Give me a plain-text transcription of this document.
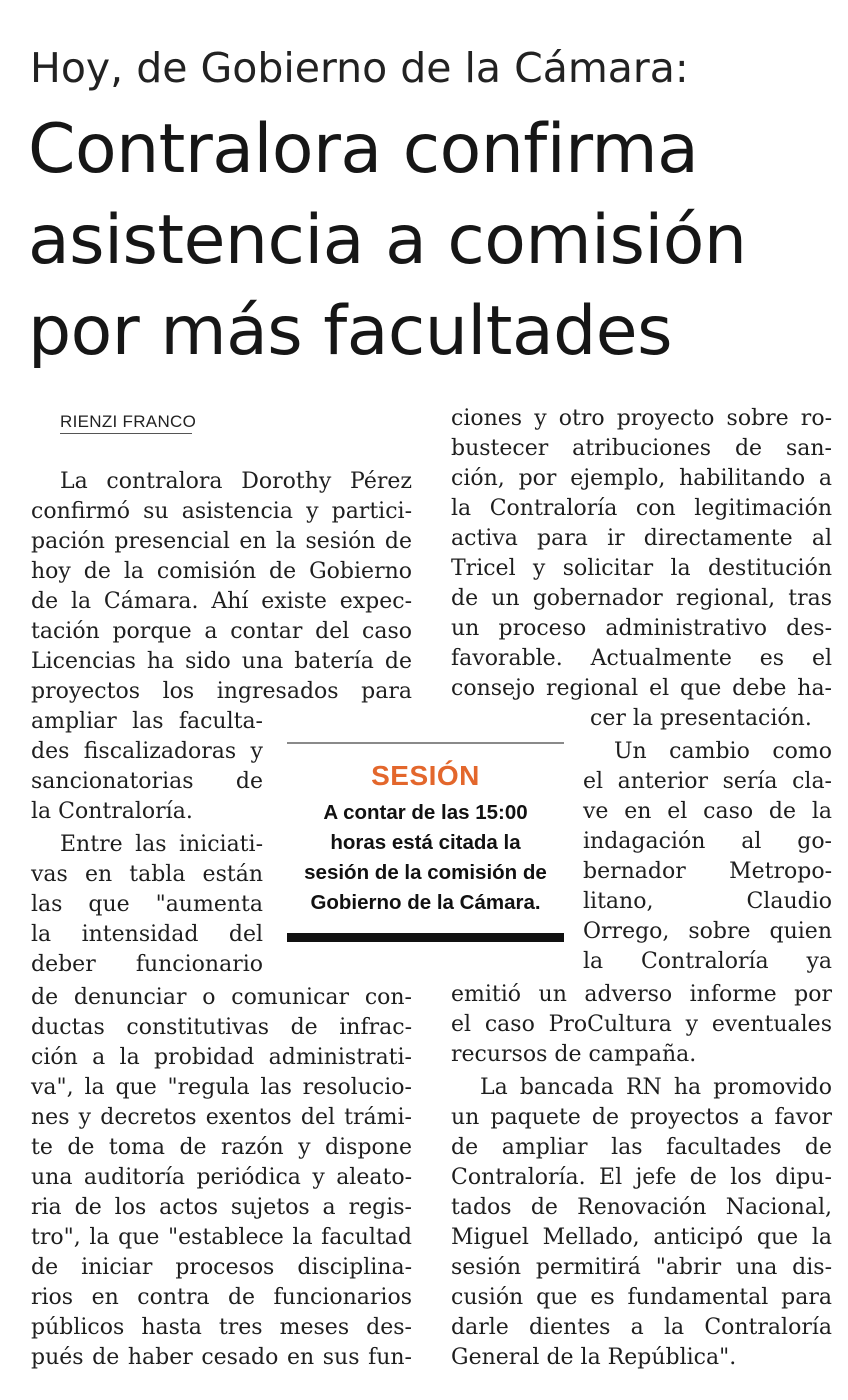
Hoy, de Gobierno de la Cámara:
Contralora confirma
asistencia a comisión
por más facultades
RIENZI FRANCO
La contralora Dorothy Pérez
confirmó su asistencia y partici-
pación presencial en la sesión de
hoy de la comisión de Gobierno
de la Cámara. Ahí existe expec-
tación porque a contar del caso
Licencias ha sido una batería de
proyectos los ingresados para
ampliar las faculta-
des fiscalizadoras y
sancionatorias de
la Contraloría.
Entre las iniciati-
vas en tabla están
las que "aumenta
la intensidad del
deber funcionario
de denunciar o comunicar con-
ductas constitutivas de infrac-
ción a la probidad administrati-
va", la que "regula las resolucio-
nes y decretos exentos del trámi-
te de toma de razón y dispone
una auditoría periódica y aleato-
ria de los actos sujetos a regis-
tro", la que "establece la facultad
de iniciar procesos disciplina-
rios en contra de funcionarios
públicos hasta tres meses des-
pués de haber cesado en sus fun-
ciones y otro proyecto sobre ro-
bustecer atribuciones de san-
ción, por ejemplo, habilitando a
la Contraloría con legitimación
activa para ir directamente al
Tricel y solicitar la destitución
de un gobernador regional, tras
un proceso administrativo des-
favorable. Actualmente es el
consejo regional el que debe ha-
cer la presentación.
Un cambio como
el anterior sería cla-
ve en el caso de la
indagación al go-
bernador Metropo-
litano, Claudio
Orrego, sobre quien
la Contraloría ya
emitió un adverso informe por
el caso ProCultura y eventuales
recursos de campaña.
La bancada RN ha promovido
un paquete de proyectos a favor
de ampliar las facultades de
Contraloría. El jefe de los dipu-
tados de Renovación Nacional,
Miguel Mellado, anticipó que la
sesión permitirá "abrir una dis-
cusión que es fundamental para
darle dientes a la Contraloría
General de la República".
SESIÓN
A contar de las 15:00
horas está citada la
sesión de la comisión de
Gobierno de la Cámara.
